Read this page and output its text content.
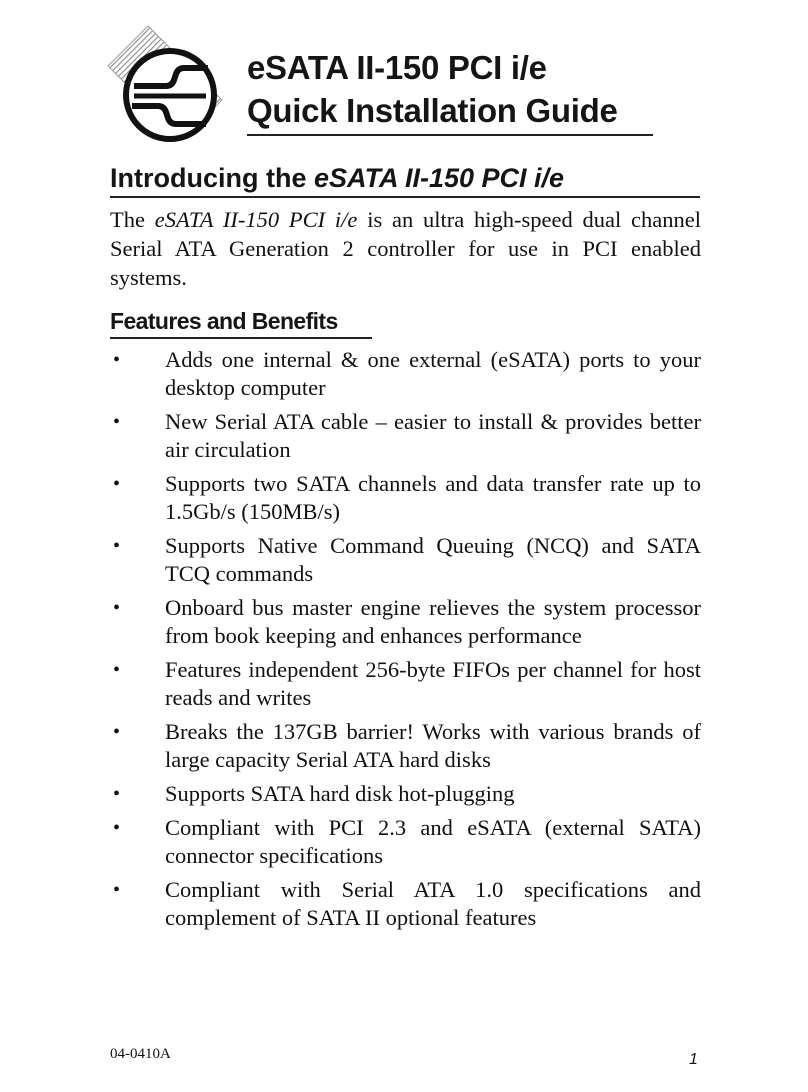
eSATA II-150 PCI i/e
Quick Installation Guide
Introducing the eSATA II-150 PCI i/e

The eSATA II-150 PCI i/e is an ultra high-speed dual channel Serial ATA Generation 2 controller for use in PCI enabled systems.

Features and Benefits
• Adds one internal & one external (eSATA) ports to your desktop computer
• New Serial ATA cable – easier to install & provides better air circulation
• Supports two SATA channels and data transfer rate up to 1.5Gb/s (150MB/s)
• Supports Native Command Queuing (NCQ) and SATA TCQ commands
• Onboard bus master engine relieves the system processor from book keeping and enhances performance
• Features independent 256-byte FIFOs per channel for host reads and writes
• Breaks the 137GB barrier! Works with various brands of large capacity Serial ATA hard disks
• Supports SATA hard disk hot-plugging
• Compliant with PCI 2.3 and eSATA (external SATA) connector specifications
• Compliant with Serial ATA 1.0 specifications and complement of SATA II optional features
04-0410A	1
